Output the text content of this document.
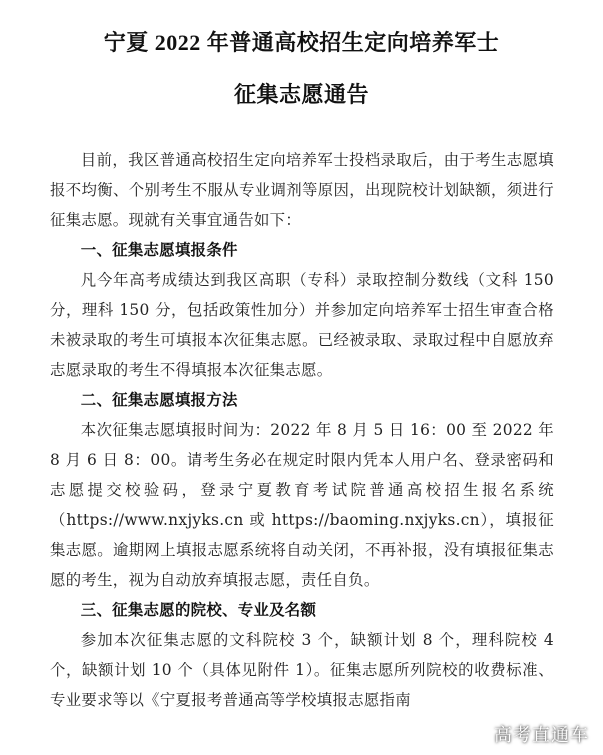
宁夏 2022 年普通高校招生定向培养军士
征集志愿通告

目前，我区普通高校招生定向培养军士投档录取后，由于考生志愿填报不均衡、个别考生不服从专业调剂等原因，出现院校计划缺额，须进行征集志愿。现就有关事宜通告如下：

一、征集志愿填报条件

凡今年高考成绩达到我区高职（专科）录取控制分数线（文科 150 分，理科 150 分，包括政策性加分）并参加定向培养军士招生审查合格未被录取的考生可填报本次征集志愿。已经被录取、录取过程中自愿放弃志愿录取的考生不得填报本次征集志愿。

二、征集志愿填报方法

本次征集志愿填报时间为：2022 年 8 月 5 日 16：00 至 2022 年 8 月 6 日 8：00。请考生务必在规定时限内凭本人用户名、登录密码和志愿提交校验码，登录宁夏教育考试院普通高校招生报名系统（https://www.nxjyks.cn 或 https://baoming.nxjyks.cn），填报征集志愿。逾期网上填报志愿系统将自动关闭，不再补报，没有填报征集志愿的考生，视为自动放弃填报志愿，责任自负。

三、征集志愿的院校、专业及名额

参加本次征集志愿的文科院校 3 个，缺额计划 8 个，理科院校 4 个，缺额计划 10 个（具体见附件 1）。征集志愿所列院校的收费标准、专业要求等以《宁夏报考普通高等学校填报志愿指南

高考直通车
